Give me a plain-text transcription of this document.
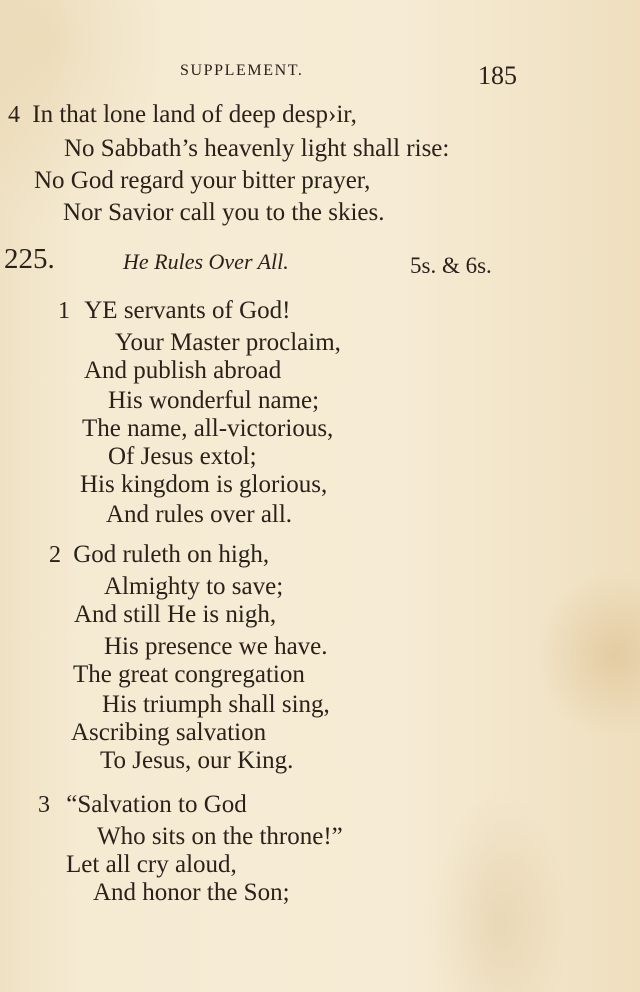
SUPPLEMENT.	185
4 In that lone land of deep desp›ir,
No Sabbath’s heavenly light shall rise:
No God regard your bitter prayer,
Nor Savior call you to the skies.
225.	He Rules Over All.	5s. & 6s.
1 YE servants of God!
Your Master proclaim,
And publish abroad
His wonderful name;
The name, all-victorious,
Of Jesus extol;
His kingdom is glorious,
And rules over all.
2 God ruleth on high,
Almighty to save;
And still He is nigh,
His presence we have.
The great congregation
His triumph shall sing,
Ascribing salvation
To Jesus, our King.
3 “Salvation to God
Who sits on the throne!”
Let all cry aloud,
And honor the Son;
